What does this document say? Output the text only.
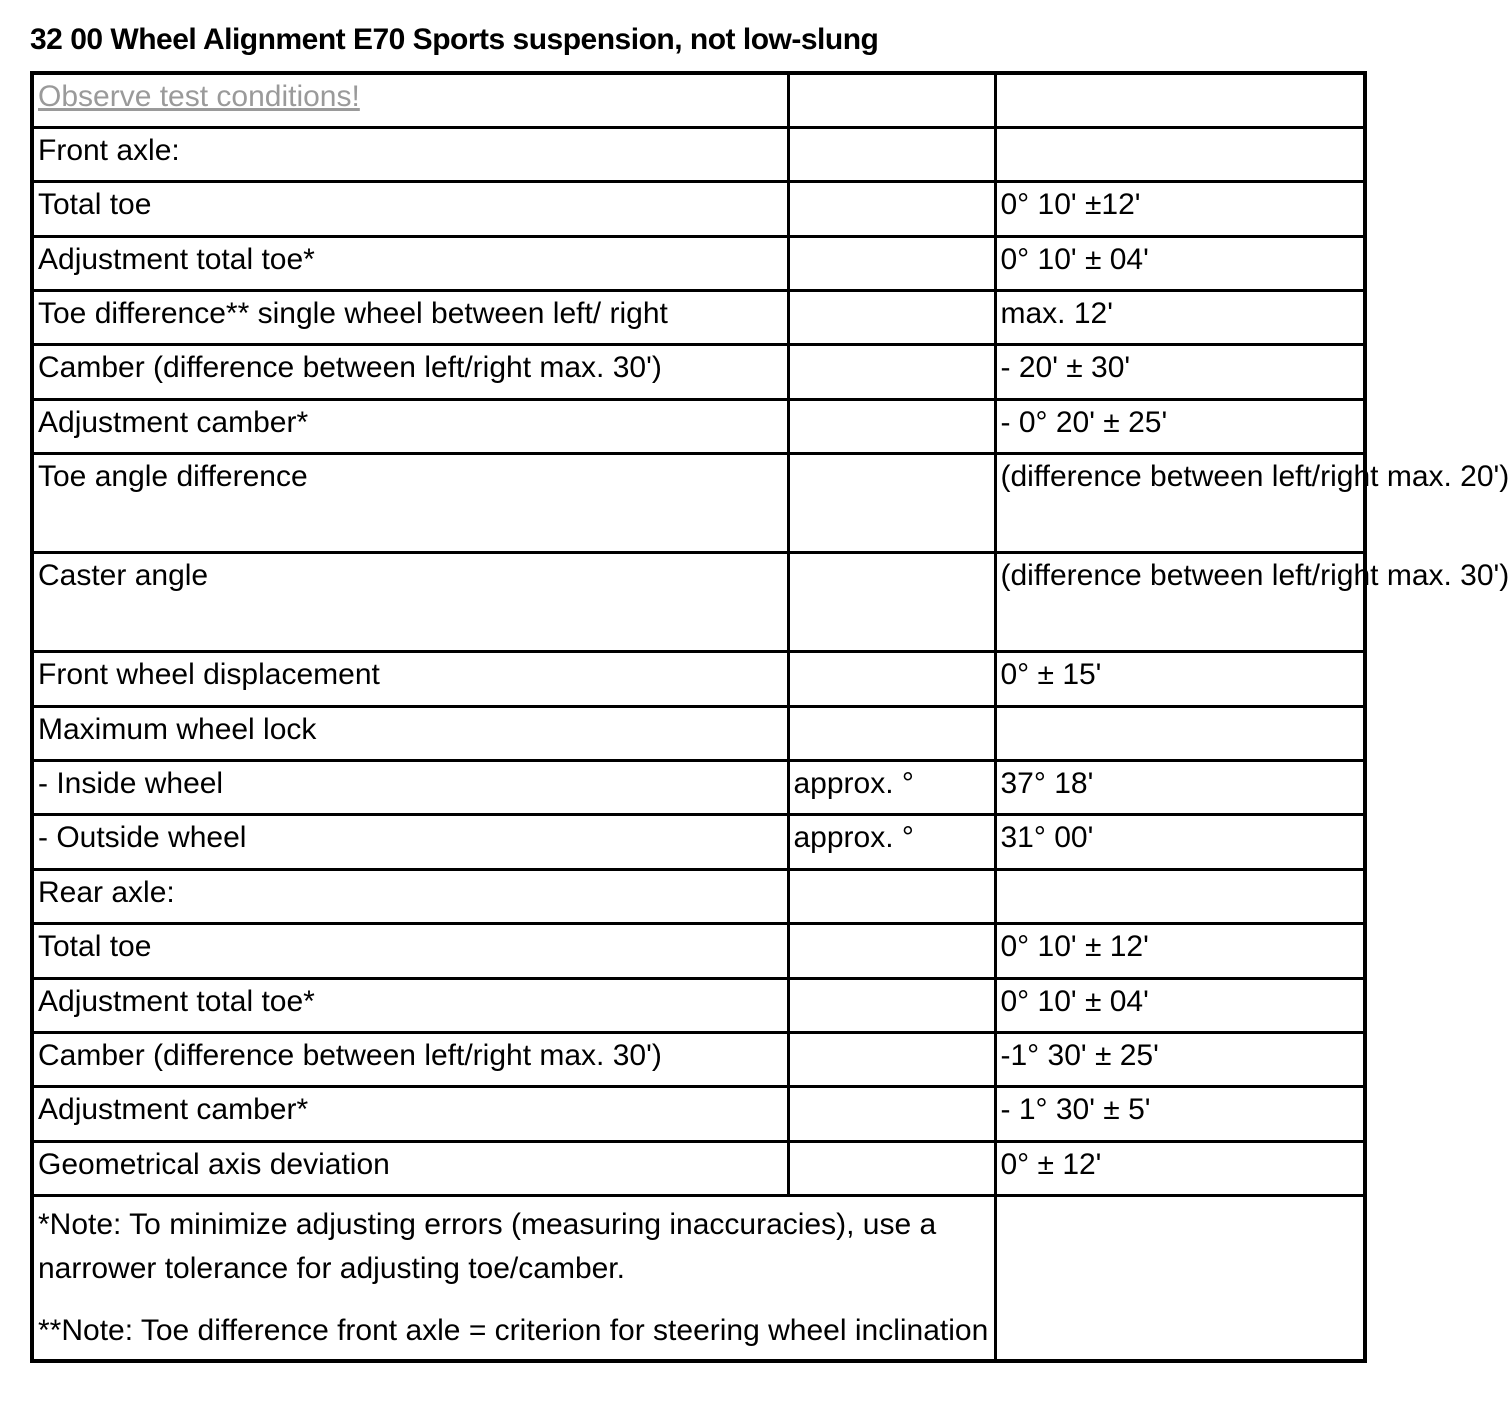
32 00 Wheel Alignment E70 Sports suspension, not low-slung
Observe test conditions!		
Front axle:		
Total toe		0° 10' ±12'
Adjustment total toe*		0° 10' ± 04'
Toe difference** single wheel between left/ right		max. 12'
Camber (difference between left/right max. 30')		- 20' ± 30'
Adjustment camber*		- 0° 20' ± 25'
Toe angle difference		(difference between left/right max. 20')
Caster angle		(difference between left/right max. 30')
Front wheel displacement		0° ± 15'
Maximum wheel lock		
- Inside wheel	approx. °	37° 18'
- Outside wheel	approx. °	31° 00'
Rear axle:		
Total toe		0° 10' ± 12'
Adjustment total toe*		0° 10' ± 04'
Camber (difference between left/right max. 30')		-1° 30' ± 25'
Adjustment camber*		- 1° 30' ± 5'
Geometrical axis deviation		0° ± 12'

*Note: To minimize adjusting errors (measuring inaccuracies), use a narrower tolerance for adjusting toe/camber.

**Note: Toe difference front axle = criterion for steering wheel inclination		
